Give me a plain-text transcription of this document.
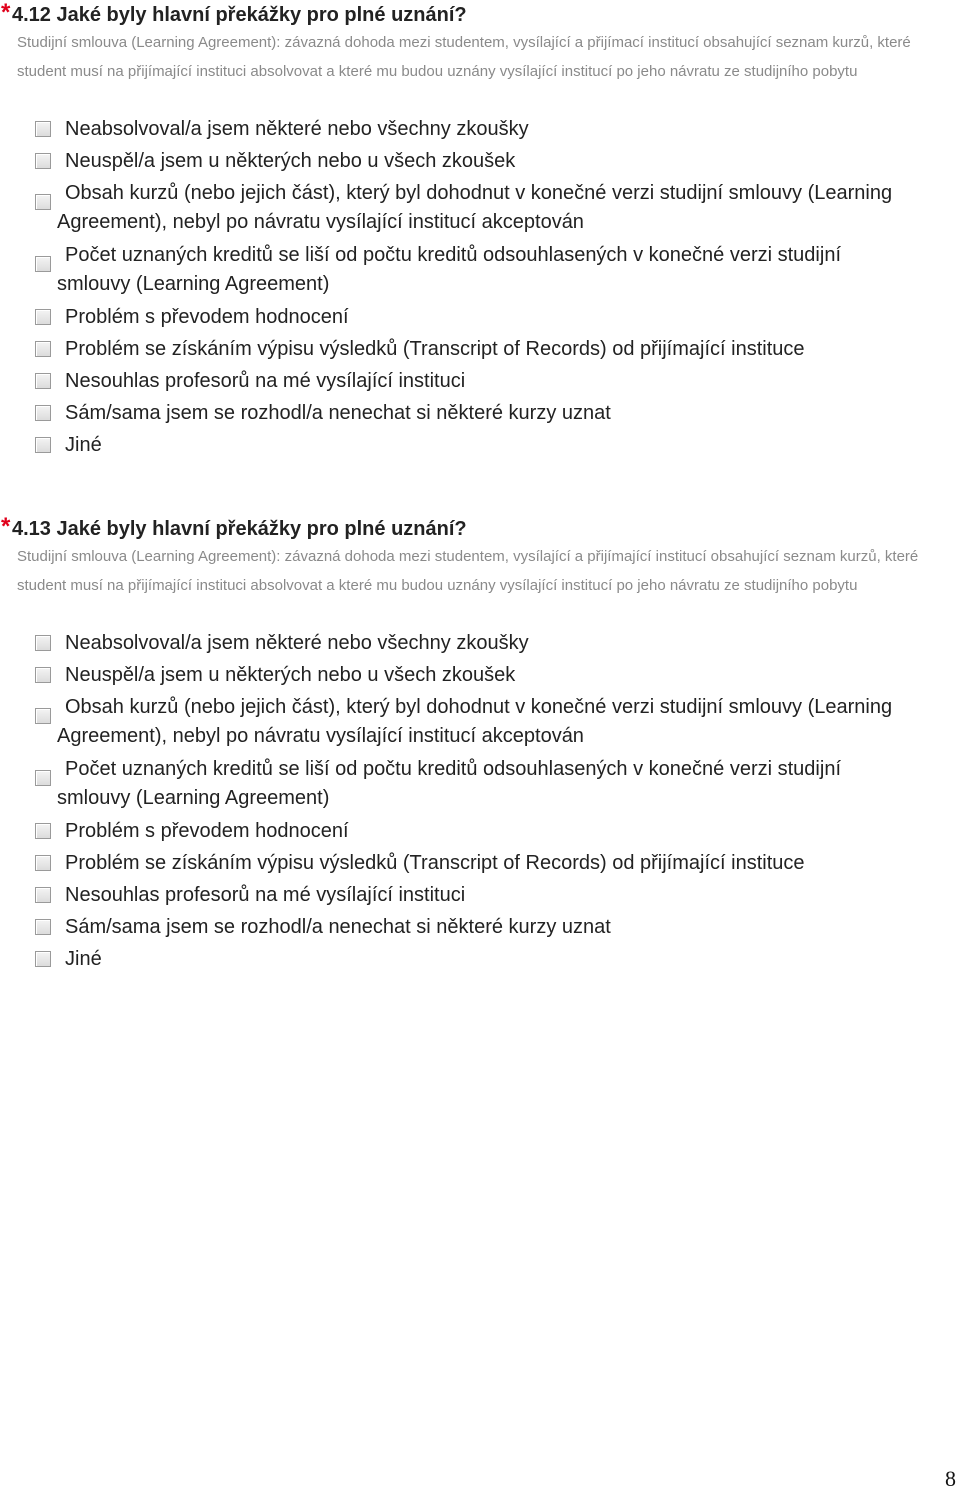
* 4.12 Jaké byly hlavní překážky pro plné uznání?

Studijní smlouva (Learning Agreement): závazná dohoda mezi studentem, vysílající a přijímací institucí obsahující seznam kurzů, které student musí na přijímající instituci absolvovat a které mu budou uznány vysílající institucí po jeho návratu ze studijního pobytu

Neabsolvoval/a jsem některé nebo všechny zkoušky
Neuspěl/a jsem u některých nebo u všech zkoušek
Obsah kurzů (nebo jejich část), který byl dohodnut v konečné verzi studijní smlouvy (Learning
Agreement), nebyl po návratu vysílající institucí akceptován
Počet uznaných kreditů se liší od počtu kreditů odsouhlasených v konečné verzi studijní
smlouvy (Learning Agreement)
Problém s převodem hodnocení
Problém se získáním výpisu výsledků (Transcript of Records) od přijímající instituce
Nesouhlas profesorů na mé vysílající instituci
Sám/sama jsem se rozhodl/a nenechat si některé kurzy uznat
Jiné
* 4.13 Jaké byly hlavní překážky pro plné uznání?

Studijní smlouva (Learning Agreement): závazná dohoda mezi studentem, vysílající a přijímající institucí obsahující seznam kurzů, které student musí na přijímající instituci absolvovat a které mu budou uznány vysílající institucí po jeho návratu ze studijního pobytu

Neabsolvoval/a jsem některé nebo všechny zkoušky
Neuspěl/a jsem u některých nebo u všech zkoušek
Obsah kurzů (nebo jejich část), který byl dohodnut v konečné verzi studijní smlouvy (Learning
Agreement), nebyl po návratu vysílající institucí akceptován
Počet uznaných kreditů se liší od počtu kreditů odsouhlasených v konečné verzi studijní
smlouvy (Learning Agreement)
Problém s převodem hodnocení
Problém se získáním výpisu výsledků (Transcript of Records) od přijímající instituce
Nesouhlas profesorů na mé vysílající instituci
Sám/sama jsem se rozhodl/a nenechat si některé kurzy uznat
Jiné
8
